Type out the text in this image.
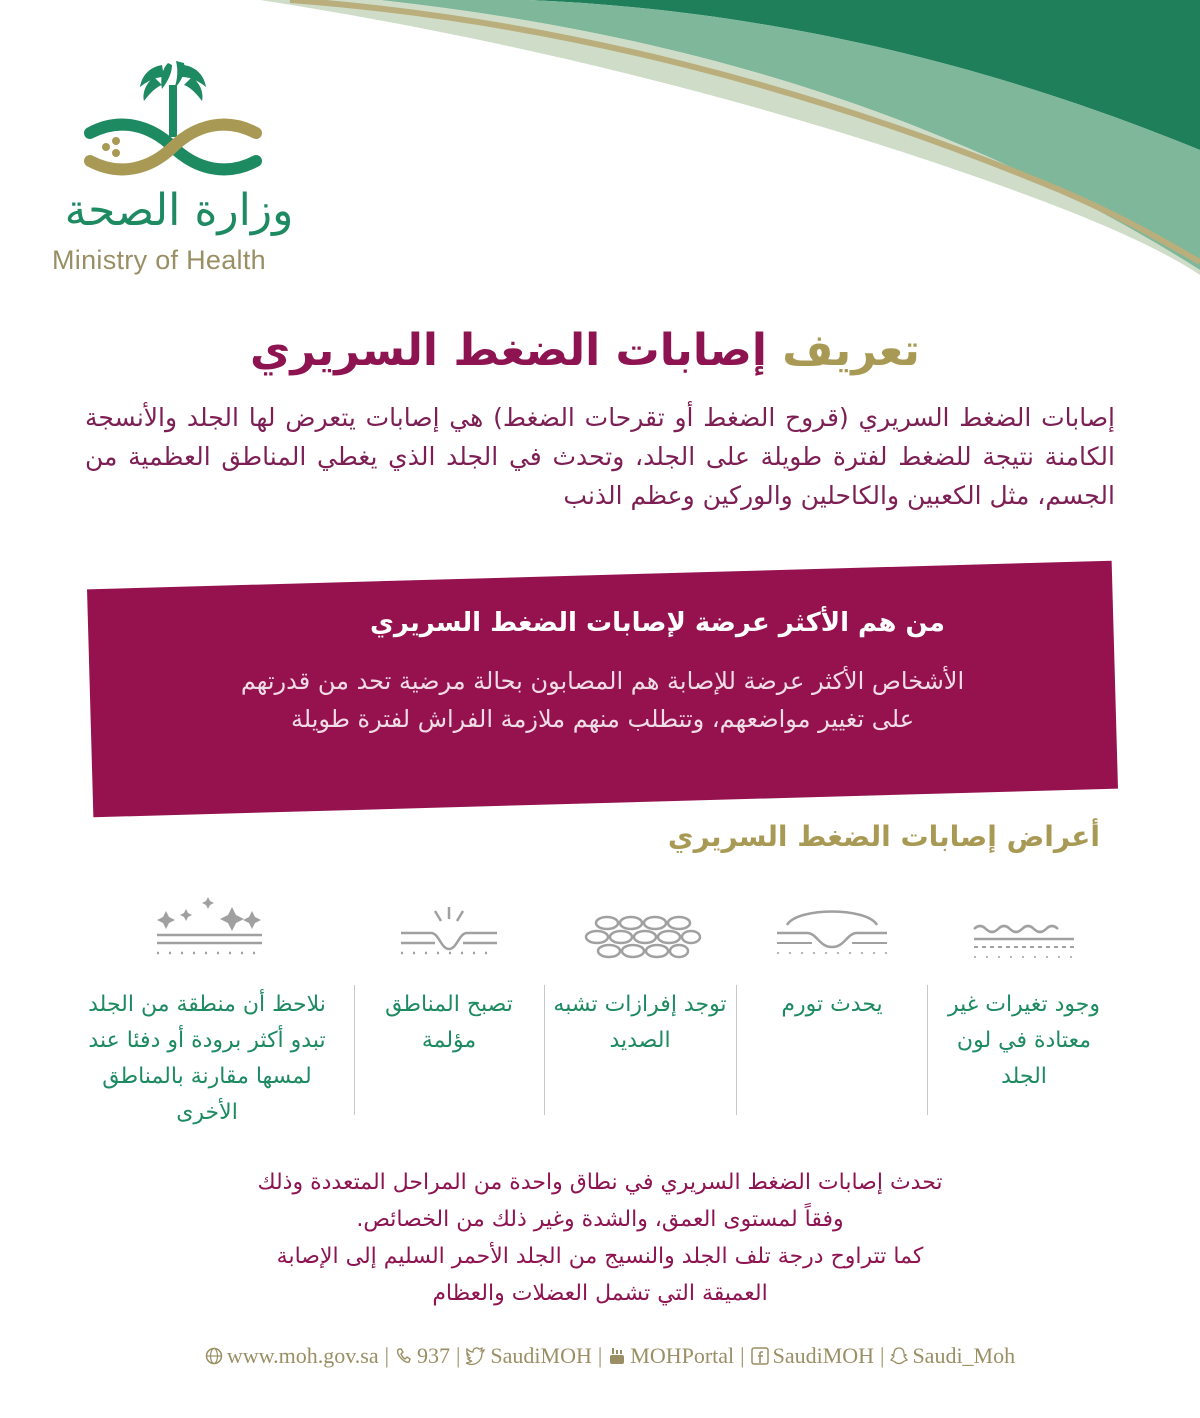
وزارة الصحة
Ministry of Health
تعريف إصابات الضغط السريري
إصابات الضغط السريري (قروح الضغط أو تقرحات الضغط) هي إصابات يتعرض لها الجلد والأنسجة الكامنة نتيجة للضغط لفترة طويلة على الجلد، وتحدث في الجلد الذي يغطي المناطق العظمية من الجسم، مثل الكعبين والكاحلين والوركين وعظم الذنب
من هم الأكثر عرضة لإصابات الضغط السريري
الأشخاص الأكثر عرضة للإصابة هم المصابون بحالة مرضية تحد من قدرتهم
على تغيير مواضعهم، وتتطلب منهم ملازمة الفراش لفترة طويلة
أعراض إصابات الضغط السريري
وجود تغيرات غير معتادة في لون الجلد
يحدث تورم
توجد إفرازات تشبه الصديد
تصبح المناطق مؤلمة
نلاحظ أن منطقة من الجلد تبدو أكثر برودة أو دفئا عند لمسها مقارنة بالمناطق الأخرى
تحدث إصابات الضغط السريري في نطاق واحدة من المراحل المتعددة وذلك
وفقاً لمستوى العمق، والشدة وغير ذلك من الخصائص.
كما تتراوح درجة تلف الجلد والنسيج من الجلد الأحمر السليم إلى الإصابة
العميقة التي تشمل العضلات والعظام
www.moh.gov.sa | 937 | SaudiMOH | MOHPortal | SaudiMOH | Saudi_Moh
